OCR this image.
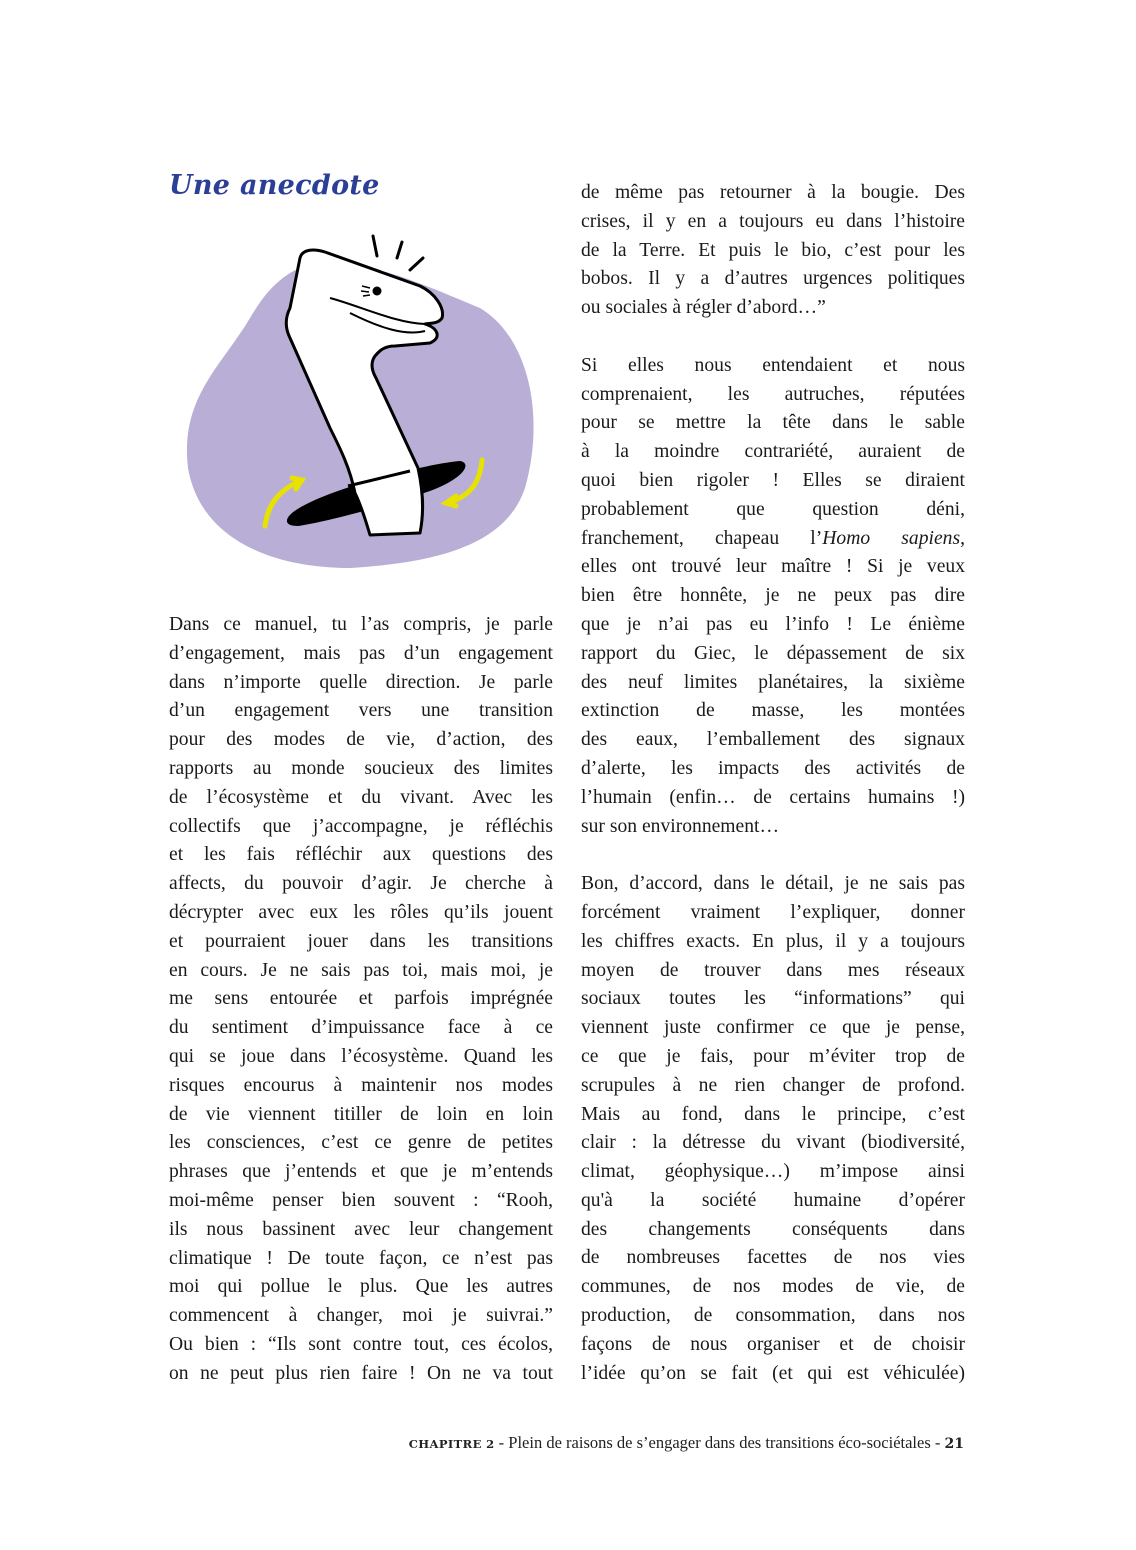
Une anecdote
Dans ce manuel, tu l’as compris, je parle
d’engagement, mais pas d’un engagement
dans n’importe quelle direction. Je parle
d’un engagement vers une transition
pour des modes de vie, d’action, des
rapports au monde soucieux des limites
de l’écosystème et du vivant. Avec les
collectifs que j’accompagne, je réfléchis
et les fais réfléchir aux questions des
affects, du pouvoir d’agir. Je cherche à
décrypter avec eux les rôles qu’ils jouent
et pourraient jouer dans les transitions
en cours. Je ne sais pas toi, mais moi, je
me sens entourée et parfois imprégnée
du sentiment d’impuissance face à ce
qui se joue dans l’écosystème. Quand les
risques encourus à maintenir nos modes
de vie viennent titiller de loin en loin
les consciences, c’est ce genre de petites
phrases que j’entends et que je m’entends
moi-même penser bien souvent : “Rooh,
ils nous bassinent avec leur changement
climatique ! De toute façon, ce n’est pas
moi qui pollue le plus. Que les autres
commencent à changer, moi je suivrai.”
Ou bien : “Ils sont contre tout, ces écolos,
on ne peut plus rien faire ! On ne va tout
de même pas retourner à la bougie. Des
crises, il y en a toujours eu dans l’histoire
de la Terre. Et puis le bio, c’est pour les
bobos. Il y a d’autres urgences politiques
ou sociales à régler d’abord…”
Si elles nous entendaient et nous
comprenaient, les autruches, réputées
pour se mettre la tête dans le sable
à la moindre contrariété, auraient de
quoi bien rigoler ! Elles se diraient
probablement que question déni,
franchement, chapeau l’Homo sapiens,
elles ont trouvé leur maître ! Si je veux
bien être honnête, je ne peux pas dire
que je n’ai pas eu l’info ! Le énième
rapport du Giec, le dépassement de six
des neuf limites planétaires, la sixième
extinction de masse, les montées
des eaux, l’emballement des signaux
d’alerte, les impacts des activités de
l’humain (enfin… de certains humains !)
sur son environnement…
Bon, d’accord, dans le détail, je ne sais pas
forcément vraiment l’expliquer, donner
les chiffres exacts. En plus, il y a toujours
moyen de trouver dans mes réseaux
sociaux toutes les “informations” qui
viennent juste confirmer ce que je pense,
ce que je fais, pour m’éviter trop de
scrupules à ne rien changer de profond.
Mais au fond, dans le principe, c’est
clair : la détresse du vivant (biodiversité,
climat, géophysique…) m’impose ainsi
qu'à la société humaine d’opérer
des changements conséquents dans
de nombreuses facettes de nos vies
communes, de nos modes de vie, de
production, de consommation, dans nos
façons de nous organiser et de choisir
l’idée qu’on se fait (et qui est véhiculée)
CHAPITRE 2 - Plein de raisons de s’engager dans des transitions éco-sociétales - 21
